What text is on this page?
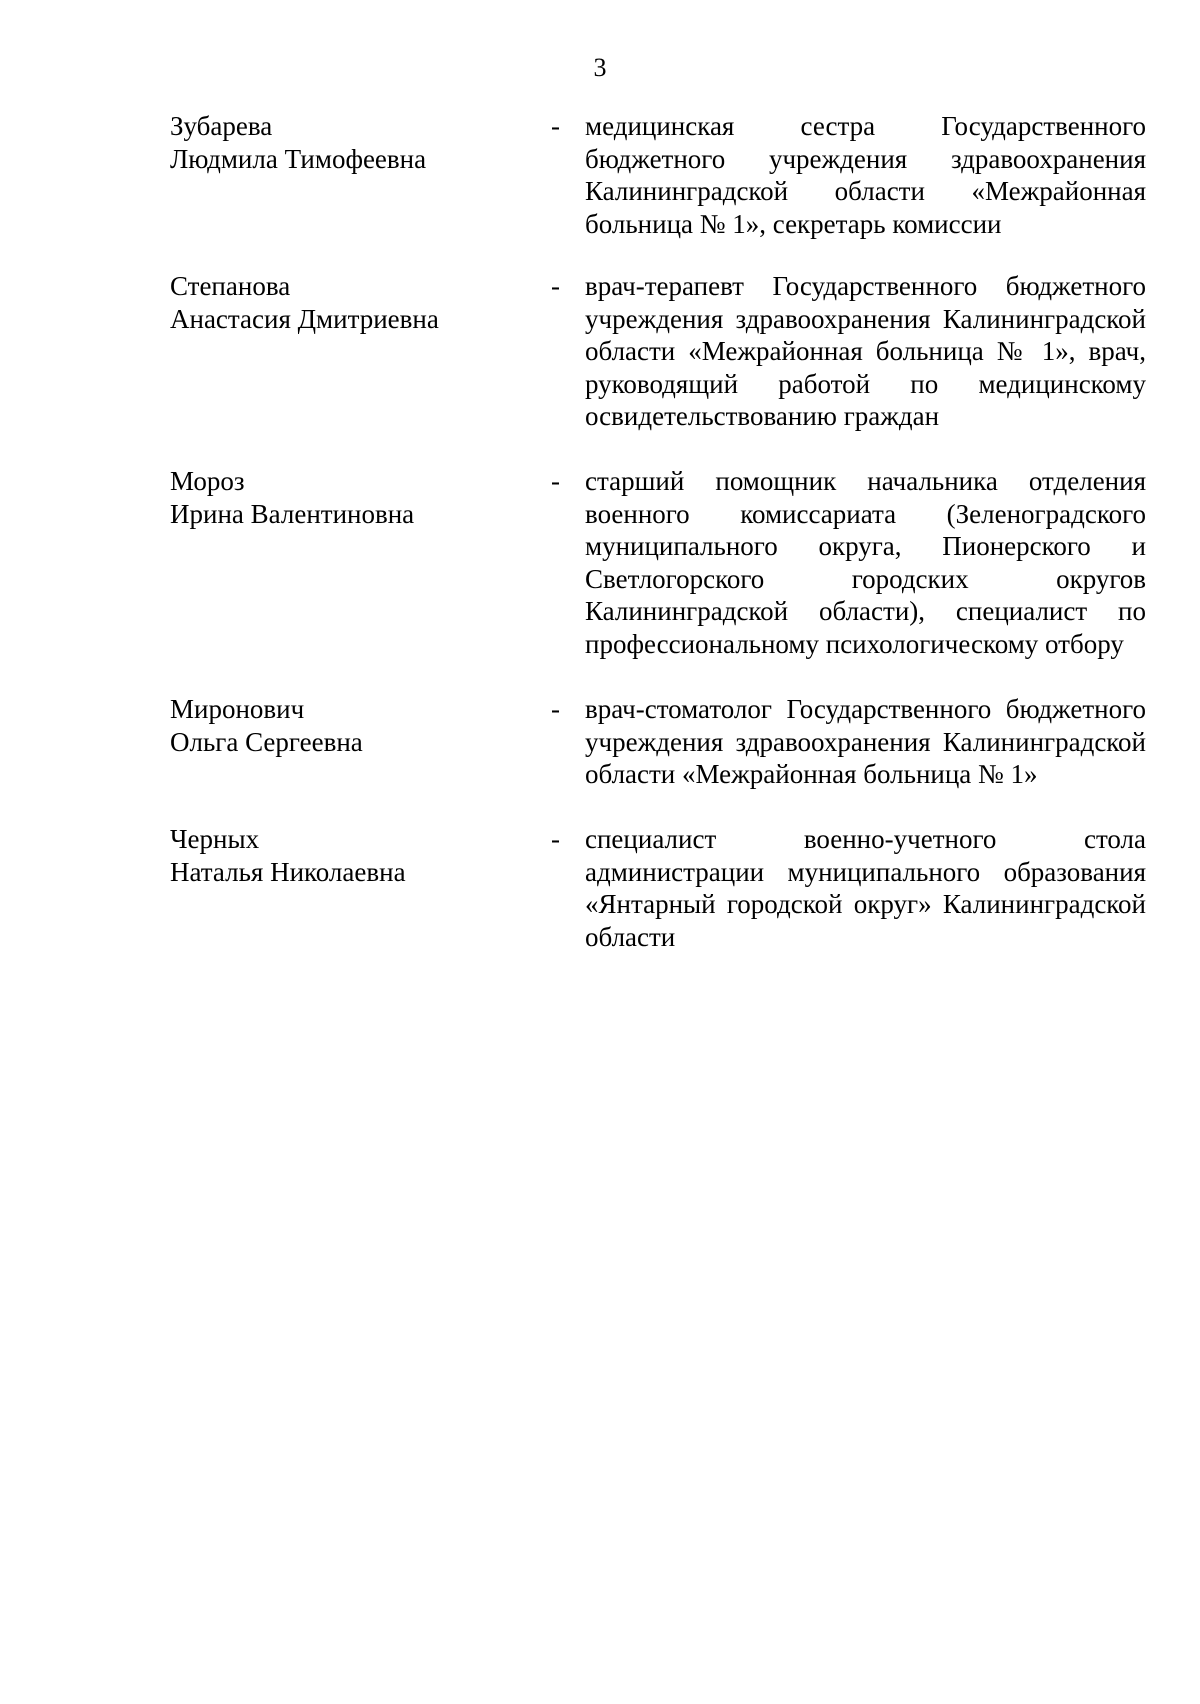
3
Зубарева
Людмила Тимофеевна
- медицинская сестра Государственного бюджетного учреждения здравоохранения Калининградской области «Межрайонная больница № 1», секретарь комиссии
Степанова
Анастасия Дмитриевна
- врач-терапевт Государственного бюджетного учреждения здравоохранения Калининградской области «Межрайонная больница № 1», врач, руководящий работой по медицинскому освидетельствованию граждан
Мороз
Ирина Валентиновна
- старший помощник начальника отделения военного комиссариата (Зеленоградского муниципального округа, Пионерского и Светлогорского городских округов Калининградской области), специалист по профессиональному психологическому отбору
Миронович
Ольга Сергеевна
- врач-стоматолог Государственного бюджетного учреждения здравоохранения Калининградской области «Межрайонная больница № 1»
Черных
Наталья Николаевна
- специалист военно-учетного стола администрации муниципального образования «Янтарный городской округ» Калининградской области
